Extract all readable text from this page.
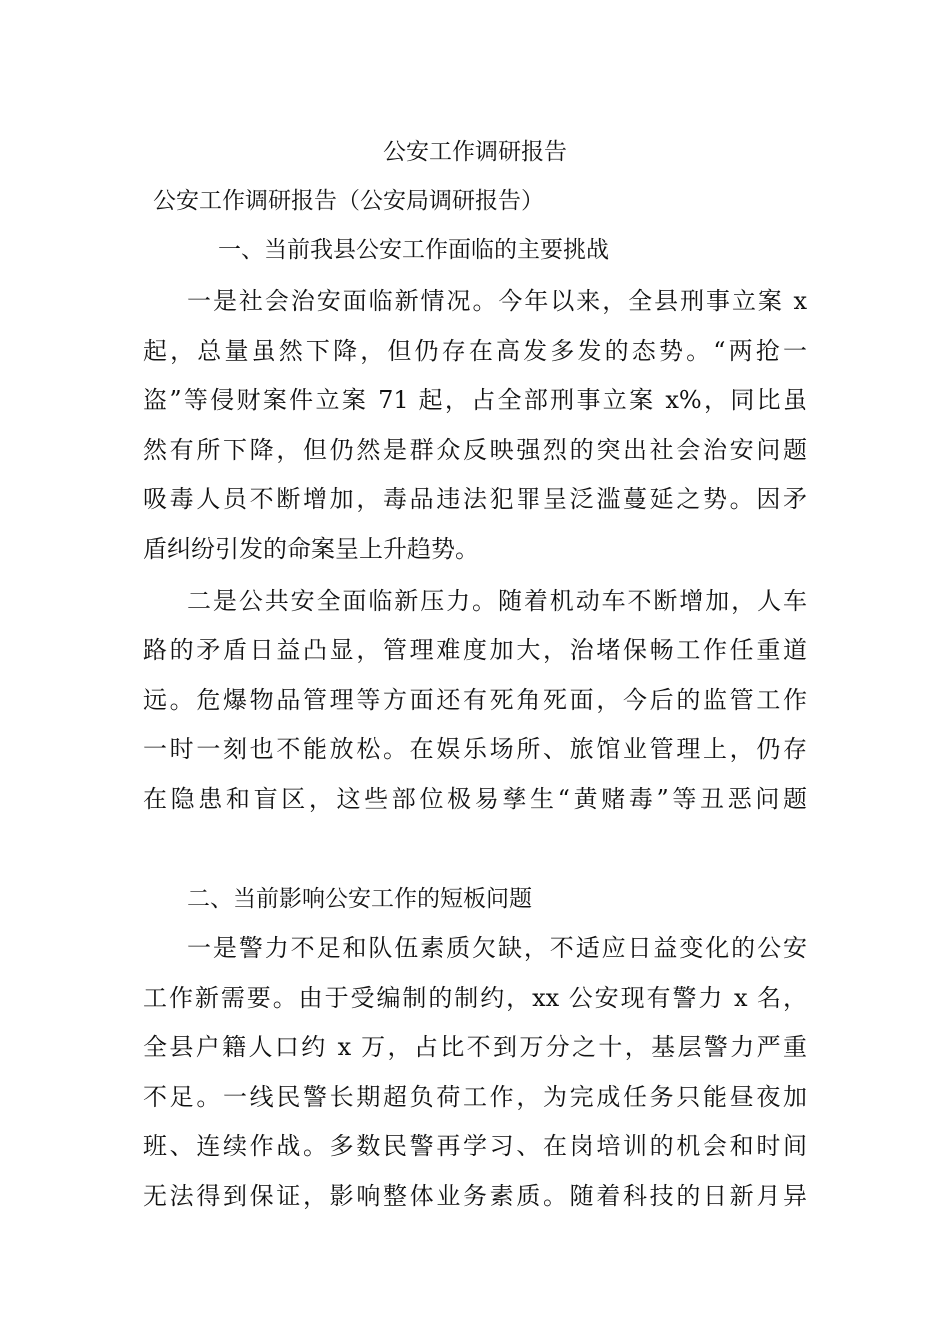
公安工作调研报告
公安工作调研报告（公安局调研报告）
一、当前我县公安工作面临的主要挑战
一是社会治安面临新情况。今年以来，全县刑事立案 x
起，总量虽然下降，但仍存在高发多发的态势。“两抢一
盗”等侵财案件立案 71 起，占全部刑事立案 x%，同比虽
然有所下降，但仍然是群众反映强烈的突出社会治安问题
吸毒人员不断增加，毒品违法犯罪呈泛滥蔓延之势。因矛
盾纠纷引发的命案呈上升趋势。
二是公共安全面临新压力。随着机动车不断增加，人车
路的矛盾日益凸显，管理难度加大，治堵保畅工作任重道
远。危爆物品管理等方面还有死角死面，今后的监管工作
一时一刻也不能放松。在娱乐场所、旅馆业管理上，仍存
在隐患和盲区，这些部位极易孳生“黄赌毒”等丑恶问题
二、当前影响公安工作的短板问题
一是警力不足和队伍素质欠缺，不适应日益变化的公安
工作新需要。由于受编制的制约，xx 公安现有警力 x 名，
全县户籍人口约 x 万，占比不到万分之十，基层警力严重
不足。一线民警长期超负荷工作，为完成任务只能昼夜加
班、连续作战。多数民警再学习、在岗培训的机会和时间
无法得到保证，影响整体业务素质。随着科技的日新月异
